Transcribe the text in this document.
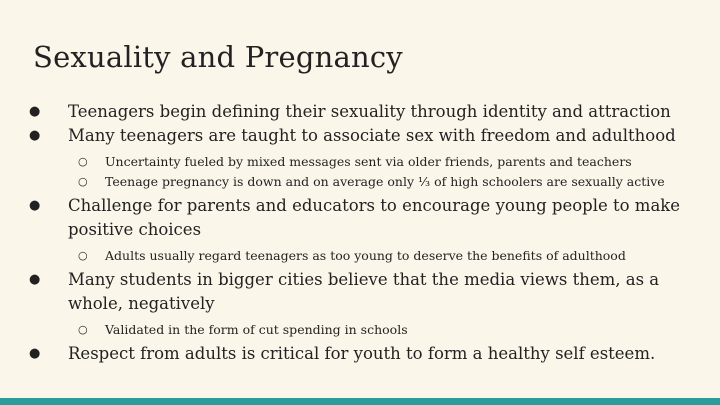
Sexuality and Pregnancy
● Teenagers begin defining their sexuality through identity and attraction
● Many teenagers are taught to associate sex with freedom and adulthood
○ Uncertainty fueled by mixed messages sent via older friends, parents and teachers
○ Teenage pregnancy is down and on average only ⅓ of high schoolers are sexually active
● Challenge for parents and educators to encourage young people to make positive choices
○ Adults usually regard teenagers as too young to deserve the benefits of adulthood
● Many students in bigger cities believe that the media views them, as a whole, negatively
○ Validated in the form of cut spending in schools
● Respect from adults is critical for youth to form a healthy self esteem.
